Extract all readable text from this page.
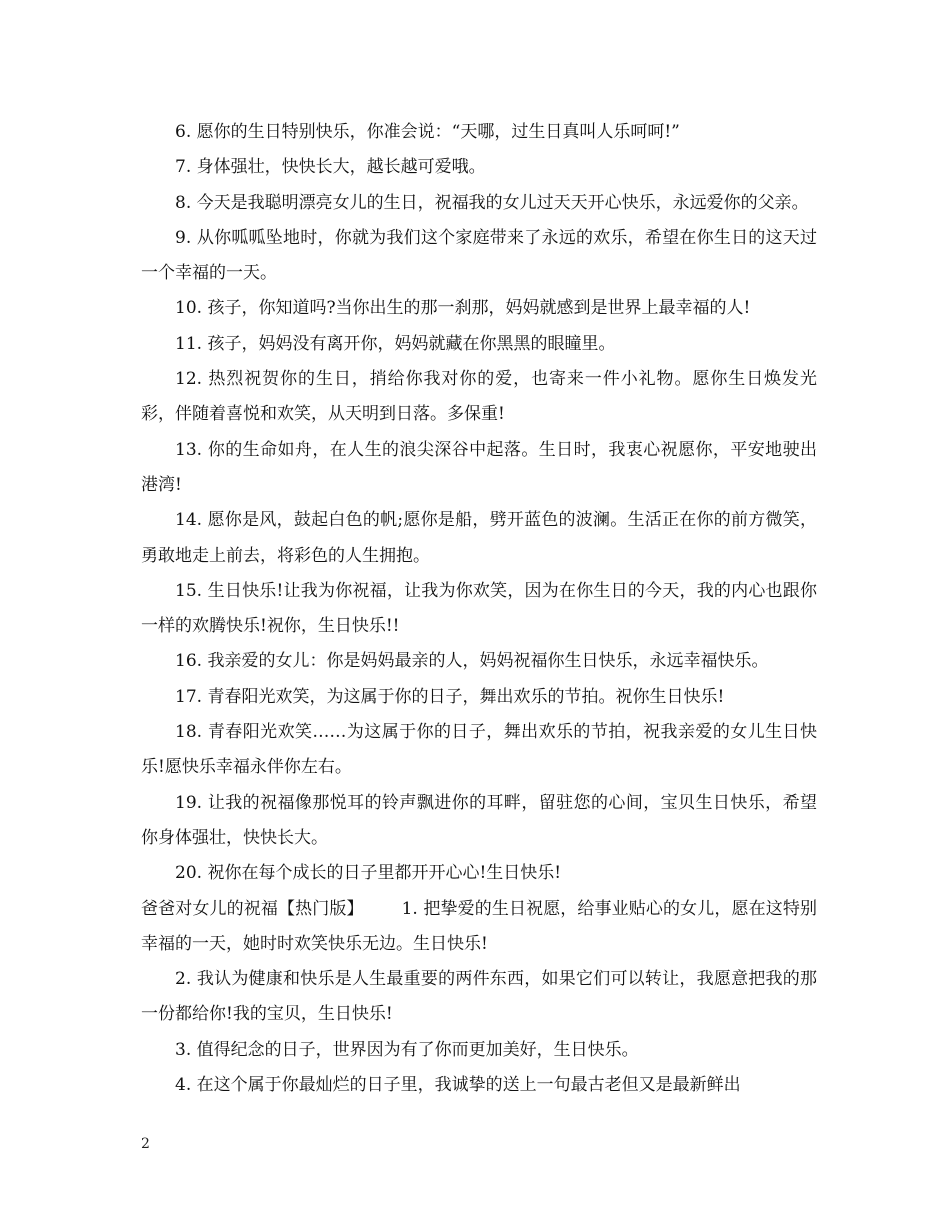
6. 愿你的生日特别快乐，你准会说：“天哪，过生日真叫人乐呵呵!”

7. 身体强壮，快快长大，越长越可爱哦。

8. 今天是我聪明漂亮女儿的生日，祝福我的女儿过天天开心快乐，永远爱你的父亲。

9. 从你呱呱坠地时，你就为我们这个家庭带来了永远的欢乐，希望在你生日的这天过一个幸福的一天。

10. 孩子，你知道吗?当你出生的那一刹那，妈妈就感到是世界上最幸福的人!

11. 孩子，妈妈没有离开你，妈妈就藏在你黑黑的眼瞳里。

12. 热烈祝贺你的生日，捎给你我对你的爱，也寄来一件小礼物。愿你生日焕发光彩，伴随着喜悦和欢笑，从天明到日落。多保重!

13. 你的生命如舟，在人生的浪尖深谷中起落。生日时，我衷心祝愿你，平安地驶出港湾!

14. 愿你是风，鼓起白色的帆;愿你是船，劈开蓝色的波澜。生活正在你的前方微笑，勇敢地走上前去，将彩色的人生拥抱。

15. 生日快乐!让我为你祝福，让我为你欢笑，因为在你生日的今天，我的内心也跟你一样的欢腾快乐!祝你，生日快乐!!

16. 我亲爱的女儿：你是妈妈最亲的人，妈妈祝福你生日快乐，永远幸福快乐。

17. 青春阳光欢笑，为这属于你的日子，舞出欢乐的节拍。祝你生日快乐!

18. 青春阳光欢笑……为这属于你的日子，舞出欢乐的节拍，祝我亲爱的女儿生日快乐!愿快乐幸福永伴你左右。

19. 让我的祝福像那悦耳的铃声飘进你的耳畔，留驻您的心间，宝贝生日快乐，希望你身体强壮，快快长大。

20. 祝你在每个成长的日子里都开开心心!生日快乐!

爸爸对女儿的祝福【热门版】 1. 把挚爱的生日祝愿，给事业贴心的女儿，愿在这特别幸福的一天，她时时欢笑快乐无边。生日快乐!

2. 我认为健康和快乐是人生最重要的两件东西，如果它们可以转让，我愿意把我的那一份都给你!我的宝贝，生日快乐!

3. 值得纪念的日子，世界因为有了你而更加美好，生日快乐。

4. 在这个属于你最灿烂的日子里，我诚挚的送上一句最古老但又是最新鲜出

2
